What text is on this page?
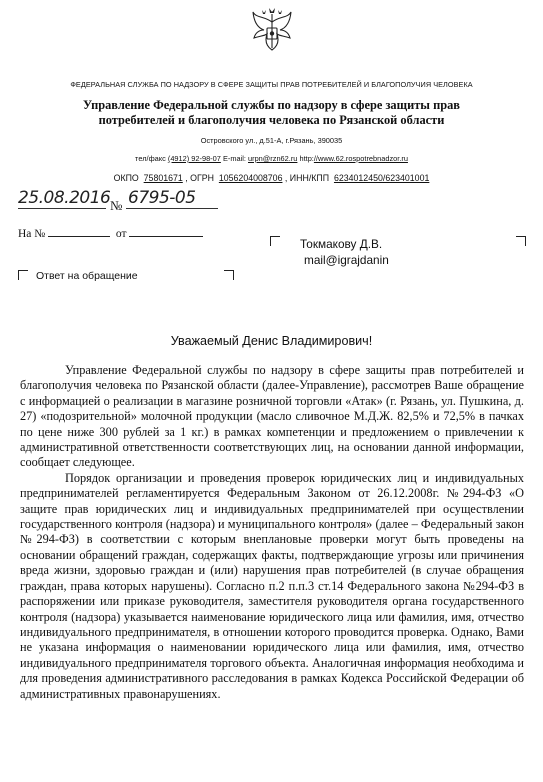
ФЕДЕРАЛЬНАЯ СЛУЖБА ПО НАДЗОРУ В СФЕРЕ ЗАЩИТЫ ПРАВ ПОТРЕБИТЕЛЕЙ И БЛАГОПОЛУЧИЯ ЧЕЛОВЕКА
Управление Федеральной службы по надзору в сфере защиты прав
потребителей и благополучия человека по Рязанской области
Островского ул., д.51-А, г.Рязань, 390035
тел/факс (4912) 92-98-07 E-mail: urpn@rzn62.ru http://www.62.rospotrebnadzor.ru
ОКПО 75801671 , ОГРН 1056204008706 , ИНН/КПП 6234012450/623401001
25.08.2016 № 6795-05
На №	от
Токмакову Д.В.
mail@igrajdanin
Ответ на обращение
Уважаемый Денис Владимирович!

Управление Федеральной службы по надзору в сфере защиты прав потребителей и благополучия человека по Рязанской области (далее-Управление), рассмотрев Ваше обращение с информацией о реализации в магазине розничной торговли «Атак» (г. Рязань, ул. Пушкина, д. 27) «подозрительной» молочной продукции (масло сливочное М.Д.Ж. 82,5% и 72,5% в пачках по цене ниже 300 рублей за 1 кг.) в рамках компетенции и предложением о привлечении к административной ответственности соответствующих лиц, на основании данной информации, сообщает следующее.

Порядок организации и проведения проверок юридических лиц и индивидуальных предпринимателей регламентируется Федеральным Законом от 26.12.2008г. №294-ФЗ «О защите прав юридических лиц и индивидуальных предпринимателей при осуществлении государственного контроля (надзора) и муниципального контроля» (далее – Федеральный закон №294-ФЗ) в соответствии с которым внеплановые проверки могут быть проведены на основании обращений граждан, содержащих факты, подтверждающие угрозы или причинения вреда жизни, здоровью граждан и (или) нарушения прав потребителей (в случае обращения граждан, права которых нарушены). Согласно п.2 п.п.3 ст.14 Федерального закона №294-ФЗ в распоряжении или приказе руководителя, заместителя руководителя органа государственного контроля (надзора) указывается наименование юридического лица или фамилия, имя, отчество индивидуального предпринимателя, в отношении которого проводится проверка. Однако, Вами не указана информация о наименовании юридического лица или фамилия, имя, отчество индивидуального предпринимателя торгового объекта. Аналогичная информация необходима и для проведения административного расследования в рамках Кодекса Российской Федерации об административных правонарушениях.
